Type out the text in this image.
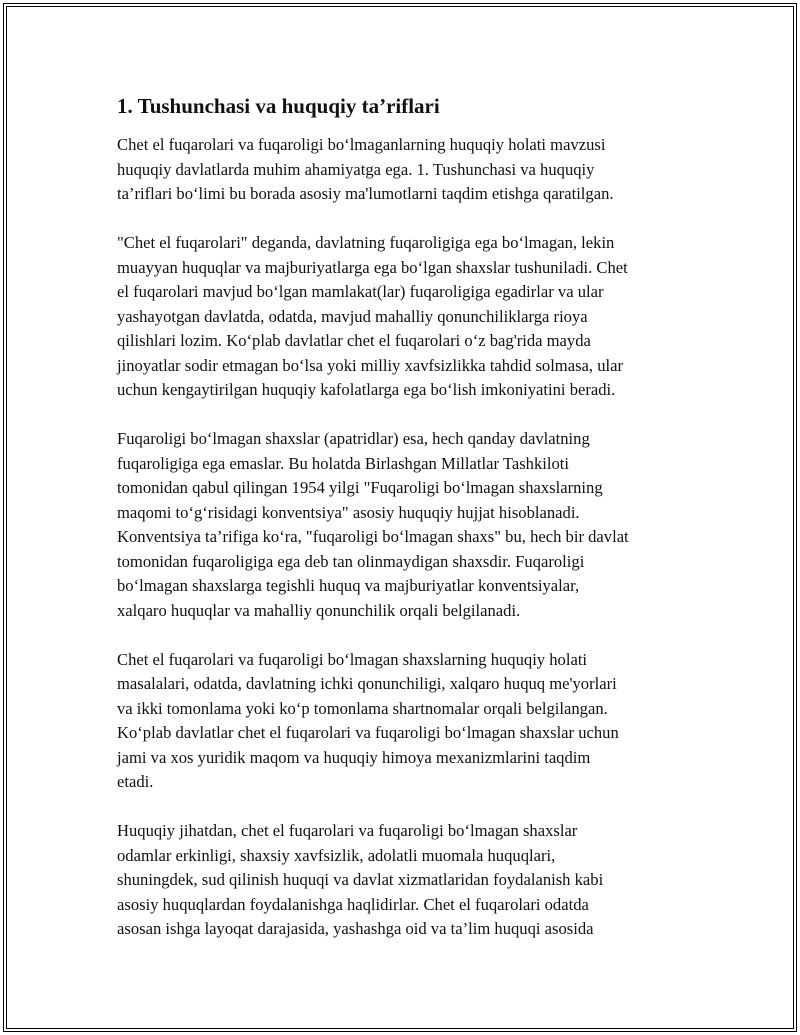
1. Tushunchasi va huquqiy ta’riflari
Chet el fuqarolari va fuqaroligi boʻlmaganlarning huquqiy holati mavzusi
huquqiy davlatlarda muhim ahamiyatga ega. 1. Tushunchasi va huquqiy
ta’riflari boʻlimi bu borada asosiy ma'lumotlarni taqdim etishga qaratilgan.
"Chet el fuqarolari" deganda, davlatning fuqaroligiga ega boʻlmagan, lekin
muayyan huquqlar va majburiyatlarga ega boʻlgan shaxslar tushuniladi. Chet
el fuqarolari mavjud boʻlgan mamlakat(lar) fuqaroligiga egadirlar va ular
yashayotgan davlatda, odatda, mavjud mahalliy qonunchiliklarga rioya
qilishlari lozim. Koʻplab davlatlar chet el fuqarolari oʻz bag'rida mayda
jinoyatlar sodir etmagan boʻlsa yoki milliy xavfsizlikka tahdid solmasa, ular
uchun kengaytirilgan huquqiy kafolatlarga ega boʻlish imkoniyatini beradi.
Fuqaroligi boʻlmagan shaxslar (apatridlar) esa, hech qanday davlatning
fuqaroligiga ega emaslar. Bu holatda Birlashgan Millatlar Tashkiloti
tomonidan qabul qilingan 1954 yilgi "Fuqaroligi boʻlmagan shaxslarning
maqomi toʻgʻrisidagi konventsiya" asosiy huquqiy hujjat hisoblanadi.
Konventsiya ta’rifiga koʻra, "fuqaroligi boʻlmagan shaxs" bu, hech bir davlat
tomonidan fuqaroligiga ega deb tan olinmaydigan shaxsdir. Fuqaroligi
boʻlmagan shaxslarga tegishli huquq va majburiyatlar konventsiyalar,
xalqaro huquqlar va mahalliy qonunchilik orqali belgilanadi.
Chet el fuqarolari va fuqaroligi boʻlmagan shaxslarning huquqiy holati
masalalari, odatda, davlatning ichki qonunchiligi, xalqaro huquq me'yorlari
va ikki tomonlama yoki koʻp tomonlama shartnomalar orqali belgilangan.
Koʻplab davlatlar chet el fuqarolari va fuqaroligi boʻlmagan shaxslar uchun
jami va xos yuridik maqom va huquqiy himoya mexanizmlarini taqdim
etadi.
Huquqiy jihatdan, chet el fuqarolari va fuqaroligi boʻlmagan shaxslar
odamlar erkinligi, shaxsiy xavfsizlik, adolatli muomala huquqlari,
shuningdek, sud qilinish huquqi va davlat xizmatlaridan foydalanish kabi
asosiy huquqlardan foydalanishga haqlidirlar. Chet el fuqarolari odatda
asosan ishga layoqat darajasida, yashashga oid va ta’lim huquqi asosida
